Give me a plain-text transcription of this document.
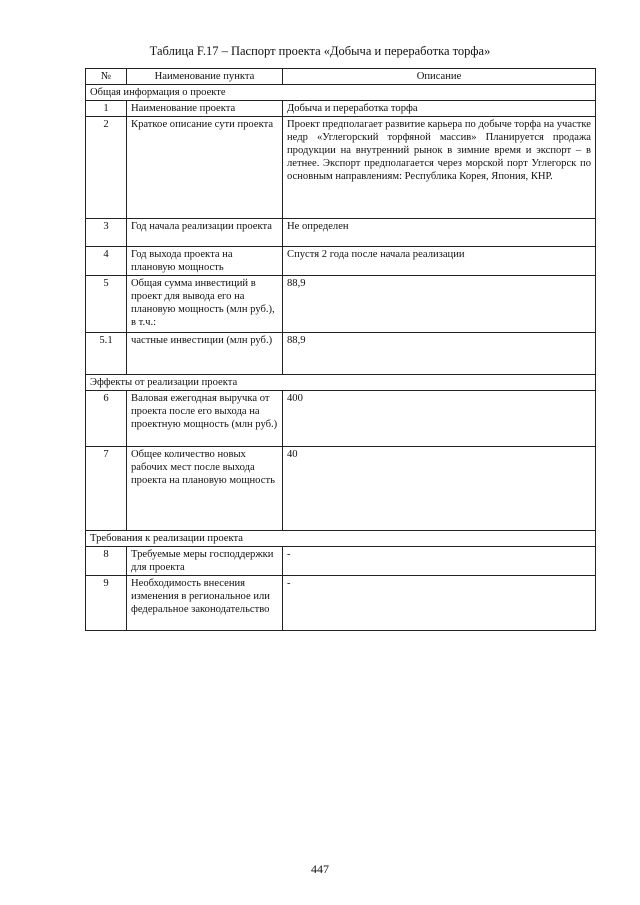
Таблица F.17 – Паспорт проекта «Добыча и переработка торфа»
№	Наименование пункта	Описание
Общая информация о проекте		
1	Наименование проекта	Добыча и переработка торфа
2	Краткое описание сути проекта	Проект предполагает развитие карьера по добыче торфа на участке недр «Углегорский торфяной массив» Планируется продажа продукции на внутренний рынок в зимние время и экспорт – в летнее. Экспорт предполагается через морской порт Углегорск по основным направлениям: Республика Корея, Япония, КНР.
3	Год начала реализации проекта	Не определен
4	Год выхода проекта на плановую мощность	Спустя 2 года после начала реализации
5	Общая сумма инвестиций в проект для вывода его на плановую мощность (млн руб.), в т.ч.:	88,9
5.1	частные инвестиции (млн руб.)	88,9
Эффекты от реализации проекта		
6	Валовая ежегодная выручка от проекта после его выхода на проектную мощность (млн руб.)	400
7	Общее количество новых рабочих мест после выхода проекта на плановую мощность	40
Требования к реализации проекта		
8	Требуемые меры господдержки для проекта	-
9	Необходимость внесения изменения в региональное или федеральное законодательство	-
447
